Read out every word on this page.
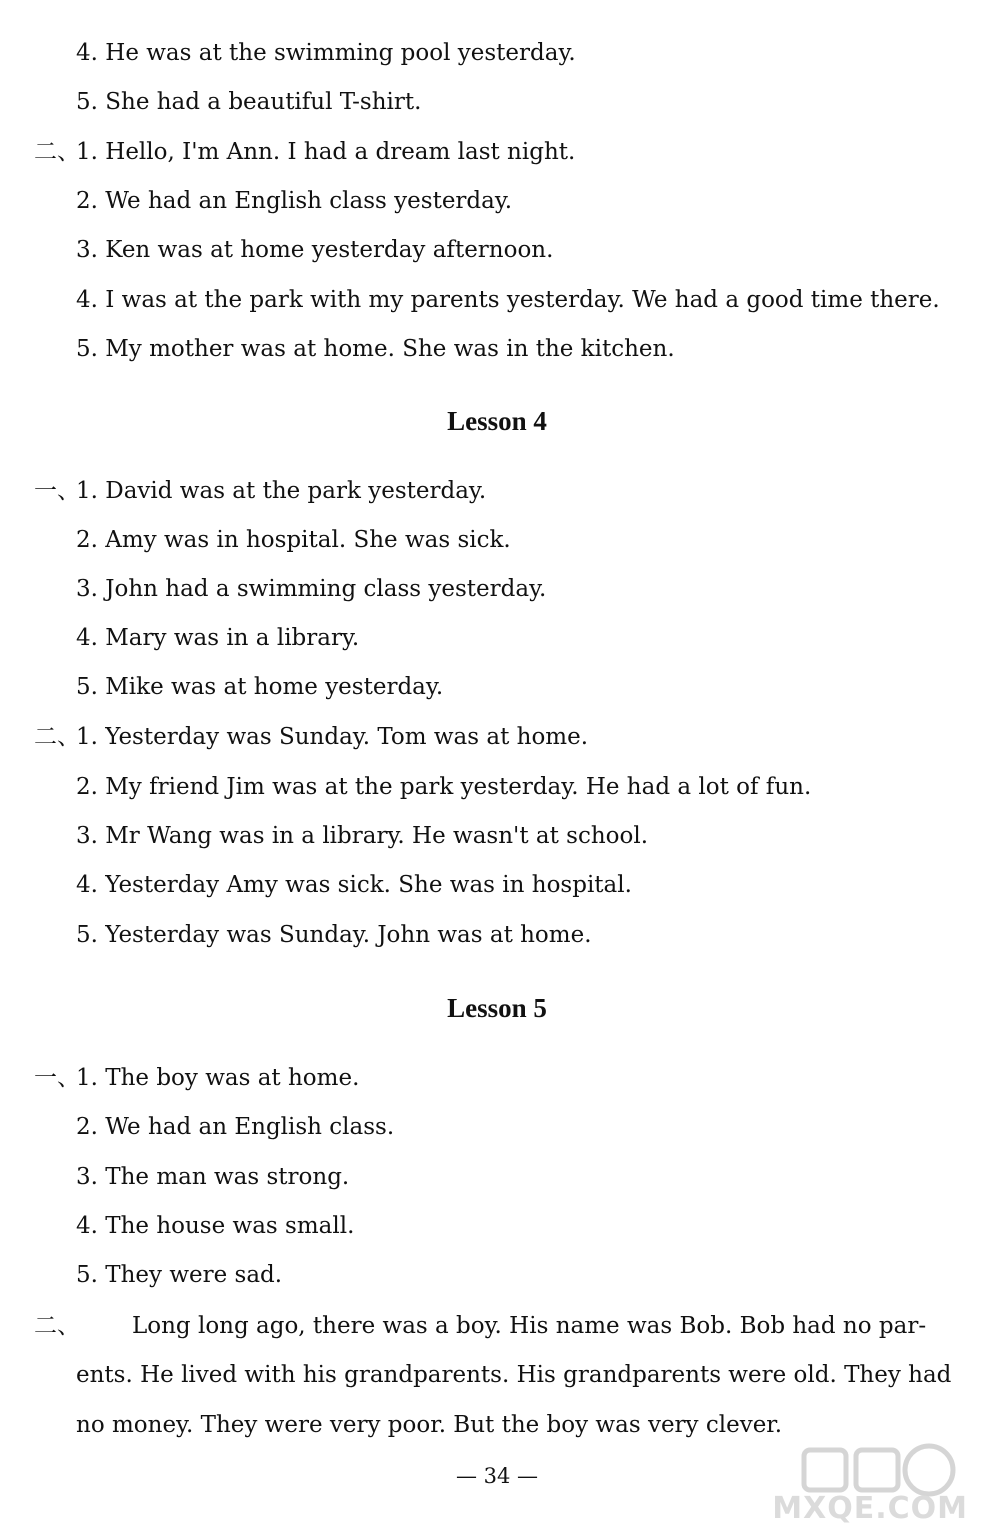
4. He was at the swimming pool yesterday.
5. She had a beautiful T-shirt.
二、
1. Hello, I'm Ann. I had a dream last night.
2. We had an English class yesterday.
3. Ken was at home yesterday afternoon.
4. I was at the park with my parents yesterday. We had a good time there.
5. My mother was at home. She was in the kitchen.
Lesson 4
一、
1. David was at the park yesterday.
2. Amy was in hospital. She was sick.
3. John had a swimming class yesterday.
4. Mary was in a library.
5. Mike was at home yesterday.
二、
1. Yesterday was Sunday. Tom was at home.
2. My friend Jim was at the park yesterday. He had a lot of fun.
3. Mr Wang was in a library. He wasn't at school.
4. Yesterday Amy was sick. She was in hospital.
5. Yesterday was Sunday. John was at home.
Lesson 5
一、
1. The boy was at home.
2. We had an English class.
3. The man was strong.
4. The house was small.
5. They were sad.
二、	Long long ago, there was a boy. His name was Bob. Bob had no par-
ents. He lived with his grandparents. His grandparents were old. They had
no money. They were very poor. But the boy was very clever.
— 34 —
MXQE.COM
